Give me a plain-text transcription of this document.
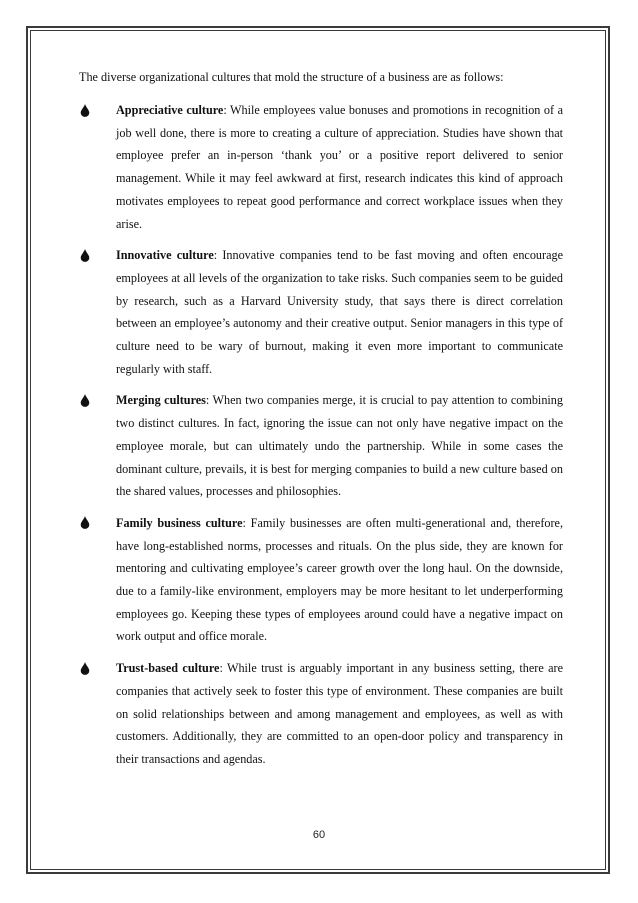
The diverse organizational cultures that mold the structure of a business are as follows:

Appreciative culture: While employees value bonuses and promotions in recognition of a job well done, there is more to creating a culture of appreciation. Studies have shown that employee prefer an in-person ‘thank you’ or a positive report delivered to senior management. While it may feel awkward at first, research indicates this kind of approach motivates employees to repeat good performance and correct workplace issues when they arise.
Innovative culture: Innovative companies tend to be fast moving and often encourage employees at all levels of the organization to take risks. Such companies seem to be guided by research, such as a Harvard University study, that says there is direct correlation between an employee’s autonomy and their creative output. Senior managers in this type of culture need to be wary of burnout, making it even more important to communicate regularly with staff.
Merging cultures: When two companies merge, it is crucial to pay attention to combining two distinct cultures. In fact, ignoring the issue can not only have negative impact on the employee morale, but can ultimately undo the partnership. While in some cases the dominant culture, prevails, it is best for merging companies to build a new culture based on the shared values, processes and philosophies.
Family business culture: Family businesses are often multi-generational and, therefore, have long-established norms, processes and rituals. On the plus side, they are known for mentoring and cultivating employee’s career growth over the long haul. On the downside, due to a family-like environment, employers may be more hesitant to let underperforming employees go. Keeping these types of employees around could have a negative impact on work output and office morale.
Trust-based culture: While trust is arguably important in any business setting, there are companies that actively seek to foster this type of environment. These companies are built on solid relationships between and among management and employees, as well as with customers. Additionally, they are committed to an open-door policy and transparency in their transactions and agendas.
60
